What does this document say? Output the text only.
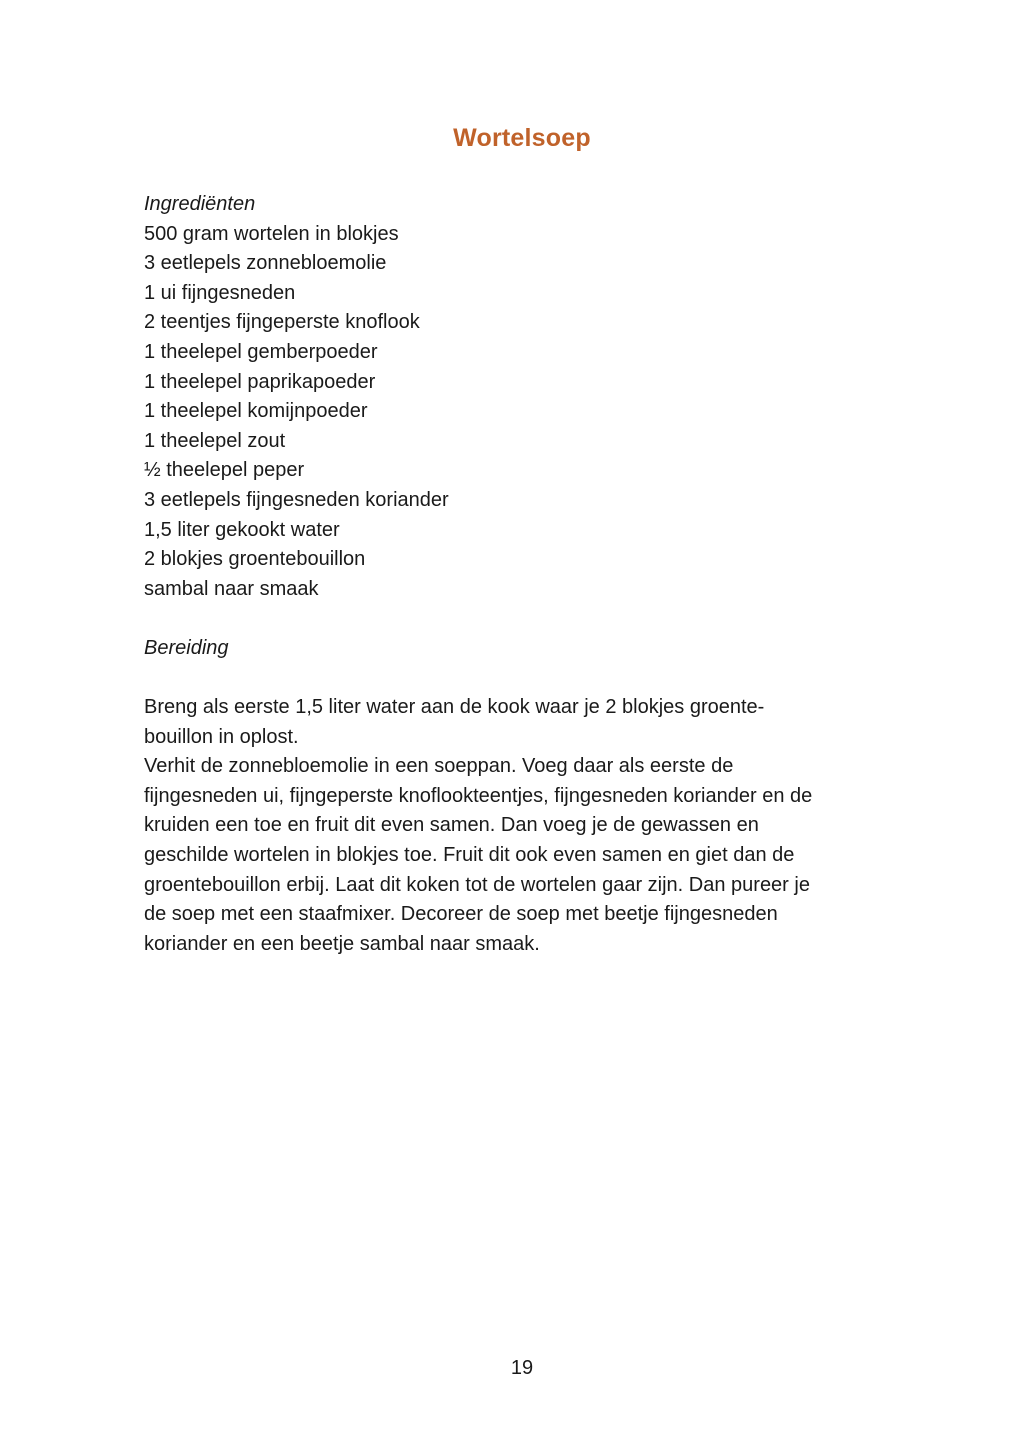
Wortelsoep
Ingrediënten
500 gram wortelen in blokjes
3 eetlepels zonnebloemolie
1 ui fijngesneden
2 teentjes fijngeperste knoflook
1 theelepel gemberpoeder
1 theelepel paprikapoeder
1 theelepel komijnpoeder
1 theelepel zout
½ theelepel peper
3 eetlepels fijngesneden koriander
1,5 liter gekookt water
2 blokjes groentebouillon
sambal naar smaak
Bereiding
Breng als eerste 1,5 liter water aan de kook waar je 2 blokjes groente-
bouillon in oplost.
Verhit de zonnebloemolie in een soeppan. Voeg daar als eerste de
fijngesneden ui, fijngeperste knoflookteentjes, fijngesneden koriander en de
kruiden een toe en fruit dit even samen. Dan voeg je de gewassen en
geschilde wortelen in blokjes toe. Fruit dit ook even samen en giet dan de
groentebouillon erbij. Laat dit koken tot de wortelen gaar zijn. Dan pureer je
de soep met een staafmixer. Decoreer de soep met beetje fijngesneden
koriander en een beetje sambal naar smaak.
19
